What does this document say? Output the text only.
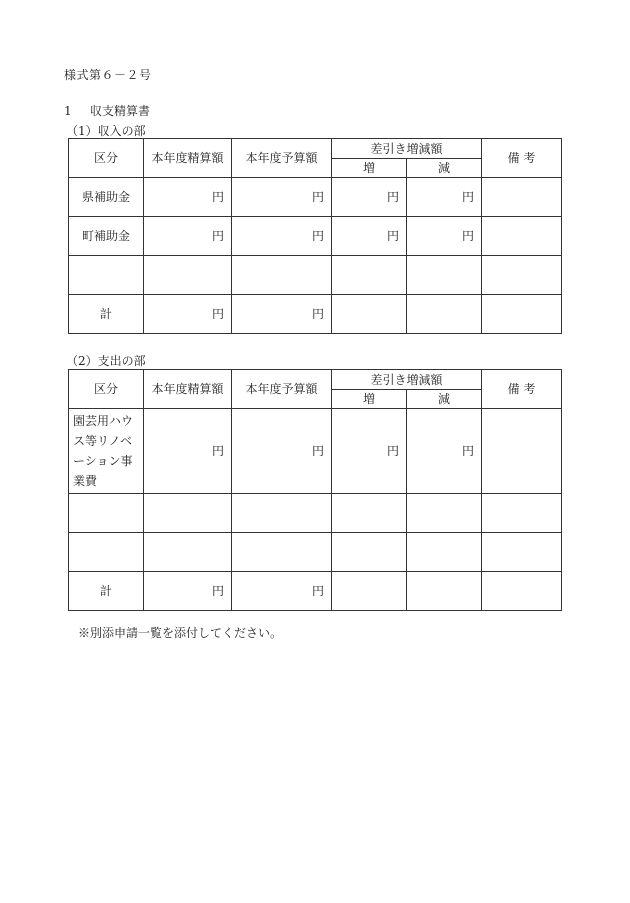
様式第６－２号
1 収支精算書
（1）収入の部
区分	本年度精算額	本年度予算額	差引き増減額		備 考
			増	減	
県補助金	円	円	円	円	
町補助金	円	円	円	円	

計	円	円			
（2）支出の部
区分	本年度精算額	本年度予算額	差引き増減額		備 考
			増	減	
園芸用ハウス等リノベーション事業費	円	円	円	円	

計	円	円			
※別添申請一覧を添付してください。
